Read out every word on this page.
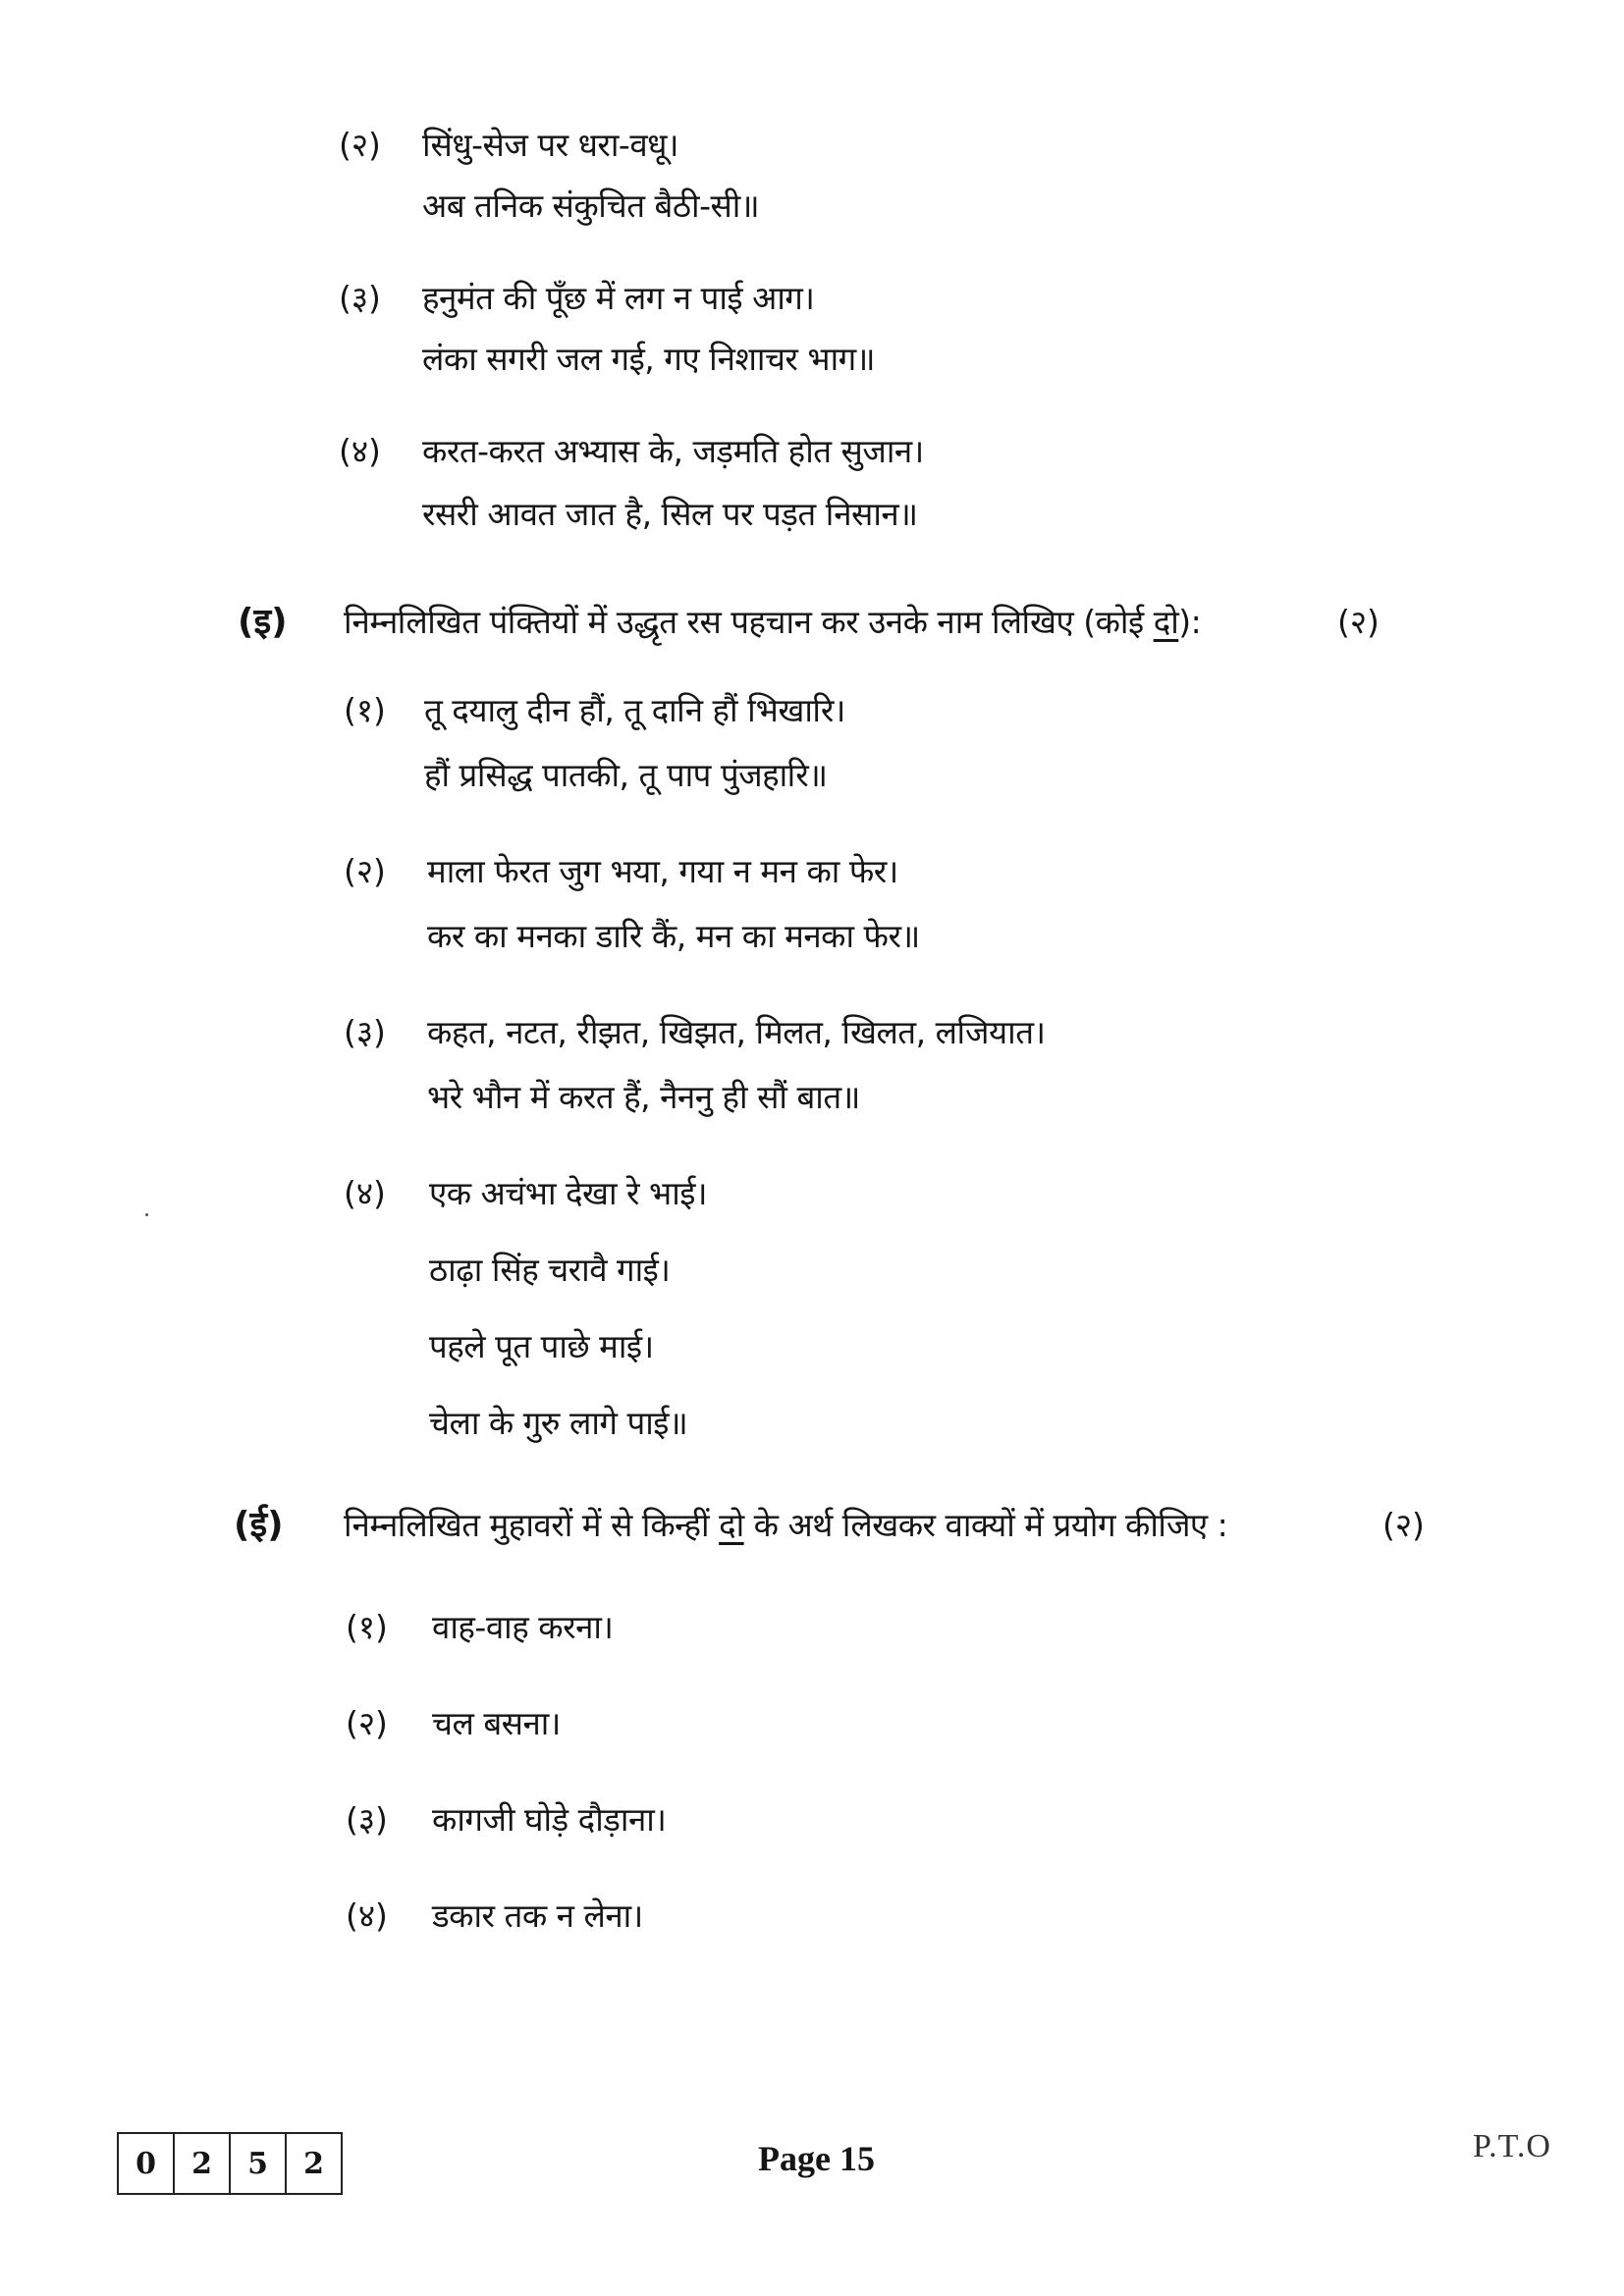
(२) सिंधु-सेज पर धरा-वधू।
अब तनिक संकुचित बैठी-सी॥
(३) हनुमंत की पूँछ में लग न पाई आग।
लंका सगरी जल गई, गए निशाचर भाग॥
(४) करत-करत अभ्यास के, जड़मति होत सुजान।
रसरी आवत जात है, सिल पर पड़त निसान॥
(इ) निम्नलिखित पंक्तियों में उद्धृत रस पहचान कर उनके नाम लिखिए (कोई दो):	(२)
(१) तू दयालु दीन हौं, तू दानि हौं भिखारि।
हौं प्रसिद्ध पातकी, तू पाप पुंजहारि॥
(२) माला फेरत जुग भया, गया न मन का फेर।
कर का मनका डारि कैं, मन का मनका फेर॥
(३) कहत, नटत, रीझत, खिझत, मिलत, खिलत, लजियात।
भरे भौन में करत हैं, नैननु ही सौं बात॥
(४) एक अचंभा देखा रे भाई।
ठाढ़ा सिंह चरावै गाई।
पहले पूत पाछे माई।
चेला के गुरु लागे पाई॥
(ई) निम्नलिखित मुहावरों में से किन्हीं दो के अर्थ लिखकर वाक्यों में प्रयोग कीजिए :	(२)
(१) वाह-वाह करना।
(२) चल बसना।
(३) कागजी घोड़े दौड़ाना।
(४) डकार तक न लेना।
0	2	5	2	Page 15	P.T.O
